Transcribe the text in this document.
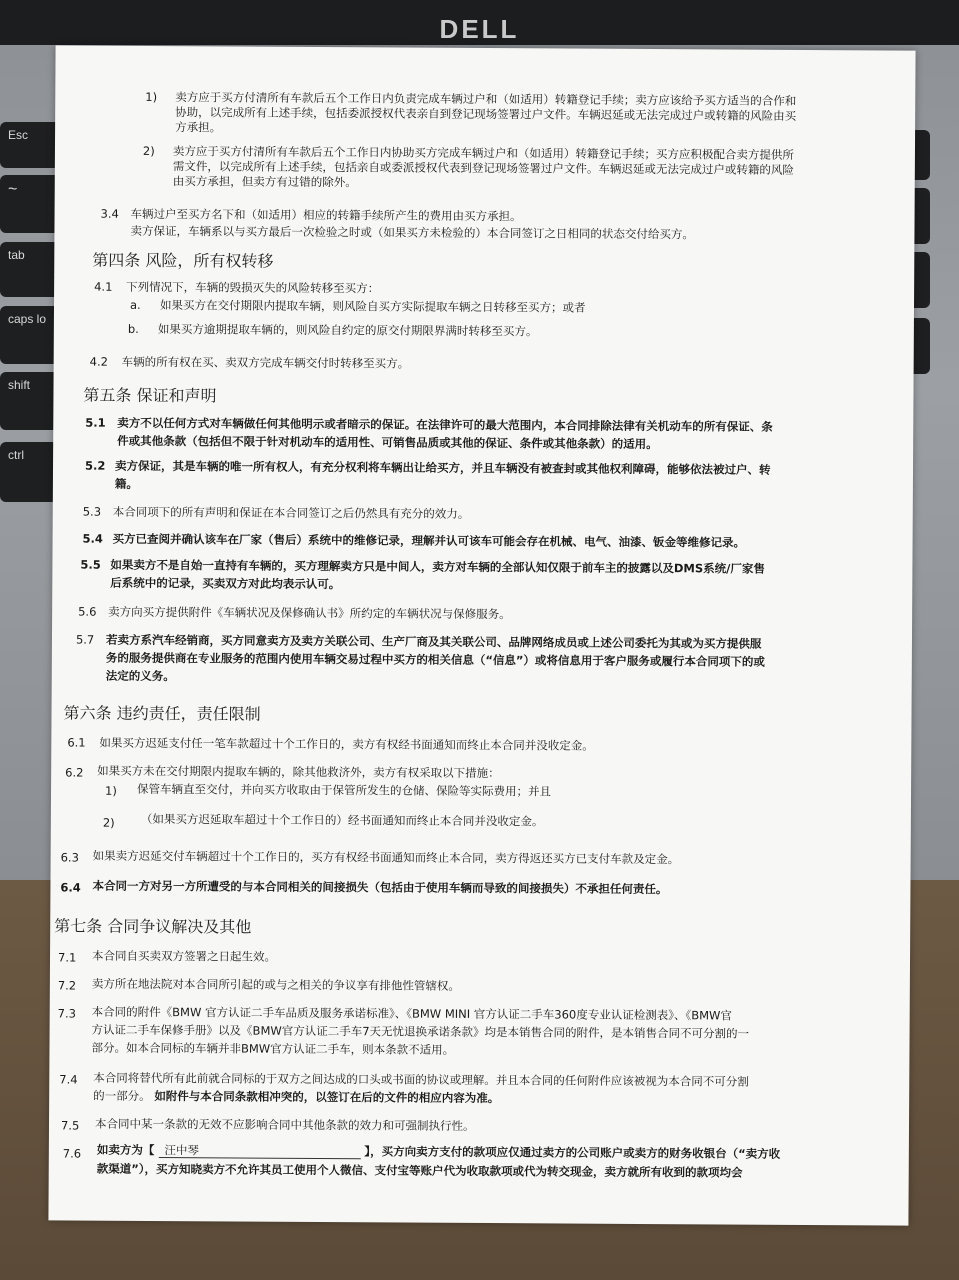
DELL
Esc
~
tab
caps lo
shift
ctrl
1) 卖方应于买方付清所有车款后五个工作日内负责完成车辆过户和（如适用）转籍登记手续；卖方应该给予买方适当的合作和
协助，以完成所有上述手续，包括委派授权代表亲自到登记现场签署过户文件。车辆迟延或无法完成过户或转籍的风险由买
方承担。
2) 卖方应于买方付清所有车款后五个工作日内协助买方完成车辆过户和（如适用）转籍登记手续；买方应积极配合卖方提供所
需文件，以完成所有上述手续，包括亲自或委派授权代表到登记现场签署过户文件。车辆迟延或无法完成过户或转籍的风险
由买方承担，但卖方有过错的除外。
3.4 车辆过户至买方名下和（如适用）相应的转籍手续所产生的费用由买方承担。
卖方保证，车辆系以与买方最后一次检验之时或（如果买方未检验的）本合同签订之日相同的状态交付给买方。
第四条 风险，所有权转移
4.1 下列情况下，车辆的毁损灭失的风险转移至买方：
a. 如果买方在交付期限内提取车辆，则风险自买方实际提取车辆之日转移至买方；或者
b. 如果买方逾期提取车辆的，则风险自约定的原交付期限界满时转移至买方。
4.2 车辆的所有权在买、卖双方完成车辆交付时转移至买方。
第五条 保证和声明
5.1 卖方不以任何方式对车辆做任何其他明示或者暗示的保证。在法律许可的最大范围内，本合同排除法律有关机动车的所有保证、条
件或其他条款（包括但不限于针对机动车的适用性、可销售品质或其他的保证、条件或其他条款）的适用。
5.2 卖方保证，其是车辆的唯一所有权人，有充分权利将车辆出让给买方，并且车辆没有被查封或其他权利障碍，能够依法被过户、转
籍。
5.3 本合同项下的所有声明和保证在本合同签订之后仍然具有充分的效力。
5.4 买方已查阅并确认该车在厂家（售后）系统中的维修记录，理解并认可该车可能会存在机械、电气、油漆、钣金等维修记录。
5.5 如果卖方不是自始一直持有车辆的，买方理解卖方只是中间人，卖方对车辆的全部认知仅限于前车主的披露以及DMS系统/厂家售
后系统中的记录，买卖双方对此均表示认可。
5.6 卖方向买方提供附件《车辆状况及保修确认书》所约定的车辆状况与保修服务。
5.7 若卖方系汽车经销商，买方同意卖方及卖方关联公司、生产厂商及其关联公司、品牌网络成员或上述公司委托为其或为买方提供服
务的服务提供商在专业服务的范围内使用车辆交易过程中买方的相关信息（“信息”）或将信息用于客户服务或履行本合同项下的或
法定的义务。
第六条 违约责任，责任限制
6.1 如果买方迟延支付任一笔车款超过十个工作日的，卖方有权经书面通知而终止本合同并没收定金。
6.2 如果买方未在交付期限内提取车辆的，除其他救济外，卖方有权采取以下措施：
1) 保管车辆直至交付，并向买方收取由于保管所发生的仓储、保险等实际费用；并且
2) （如果买方迟延取车超过十个工作日的）经书面通知而终止本合同并没收定金。
6.3 如果卖方迟延交付车辆超过十个工作日的，买方有权经书面通知而终止本合同，卖方得返还买方已支付车款及定金。
6.4 本合同一方对另一方所遭受的与本合同相关的间接损失（包括由于使用车辆而导致的间接损失）不承担任何责任。
第七条 合同争议解决及其他
7.1 本合同自买卖双方签署之日起生效。
7.2 卖方所在地法院对本合同所引起的或与之相关的争议享有排他性管辖权。
7.3 本合同的附件《BMW 官方认证二手车品质及服务承诺标准》、《BMW MINI 官方认证二手车360度专业认证检测表》、《BMW官
方认证二手车保修手册》以及《BMW官方认证二手车7天无忧退换承诺条款》均是本销售合同的附件，是本销售合同不可分割的一
部分。如本合同标的车辆并非BMW官方认证二手车，则本条款不适用。
7.4 本合同将替代所有此前就合同标的于双方之间达成的口头或书面的协议或理解。并且本合同的任何附件应该被视为本合同不可分割
的一部分。 如附件与本合同条款相冲突的，以签订在后的文件的相应内容为准。
7.5 本合同中某一条款的无效不应影响合同中其他条款的效力和可强制执行性。
7.6 如卖方为【 汪中琴	】，买方向卖方支付的款项应仅通过卖方的公司账户或卖方的财务收银台（“卖方收
款渠道”），买方知晓卖方不允许其员工使用个人微信、支付宝等账户代为收取款项或代为转交现金，卖方就所有收到的款项均会
